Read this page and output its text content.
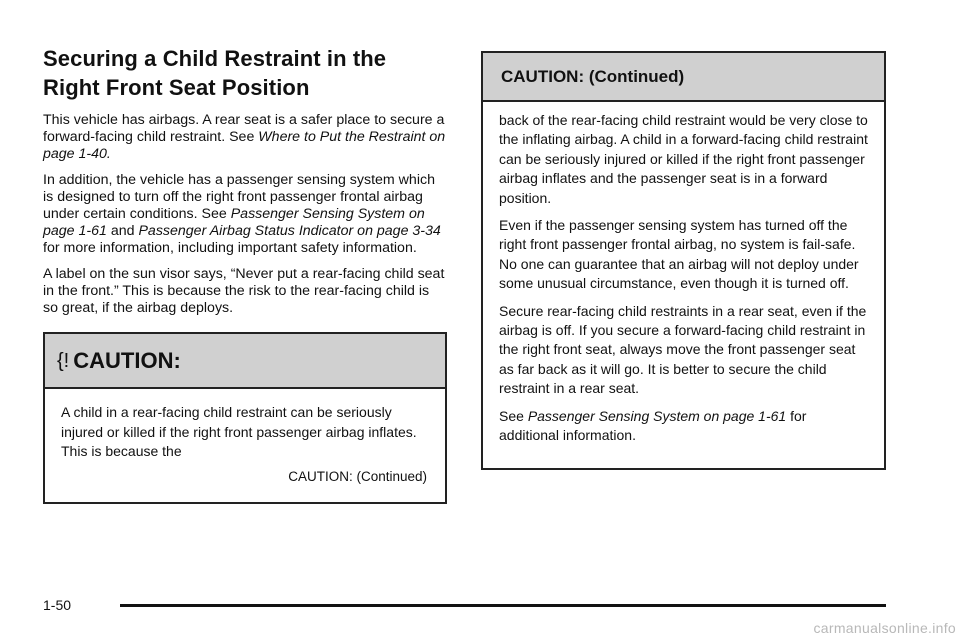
Securing a Child Restraint in the Right Front Seat Position

This vehicle has airbags. A rear seat is a safer place to secure a forward-facing child restraint. See Where to Put the Restraint on page 1-40.

In addition, the vehicle has a passenger sensing system which is designed to turn off the right front passenger frontal airbag under certain conditions. See Passenger Sensing System on page 1-61 and Passenger Airbag Status Indicator on page 3-34 for more information, including important safety information.

A label on the sun visor says, “Never put a rear-facing child seat in the front.” This is because the risk to the rear-facing child is so great, if the airbag deploys.

{! CAUTION:

A child in a rear-facing child restraint can be seriously injured or killed if the right front passenger airbag inflates. This is because the

CAUTION: (Continued)
CAUTION: (Continued)

back of the rear-facing child restraint would be very close to the inflating airbag. A child in a forward-facing child restraint can be seriously injured or killed if the right front passenger airbag inflates and the passenger seat is in a forward position.

Even if the passenger sensing system has turned off the right front passenger frontal airbag, no system is fail-safe. No one can guarantee that an airbag will not deploy under some unusual circumstance, even though it is turned off.

Secure rear-facing child restraints in a rear seat, even if the airbag is off. If you secure a forward-facing child restraint in the right front seat, always move the front passenger seat as far back as it will go. It is better to secure the child restraint in a rear seat.

See Passenger Sensing System on page 1-61 for additional information.

1-50
carmanualsonline.info
